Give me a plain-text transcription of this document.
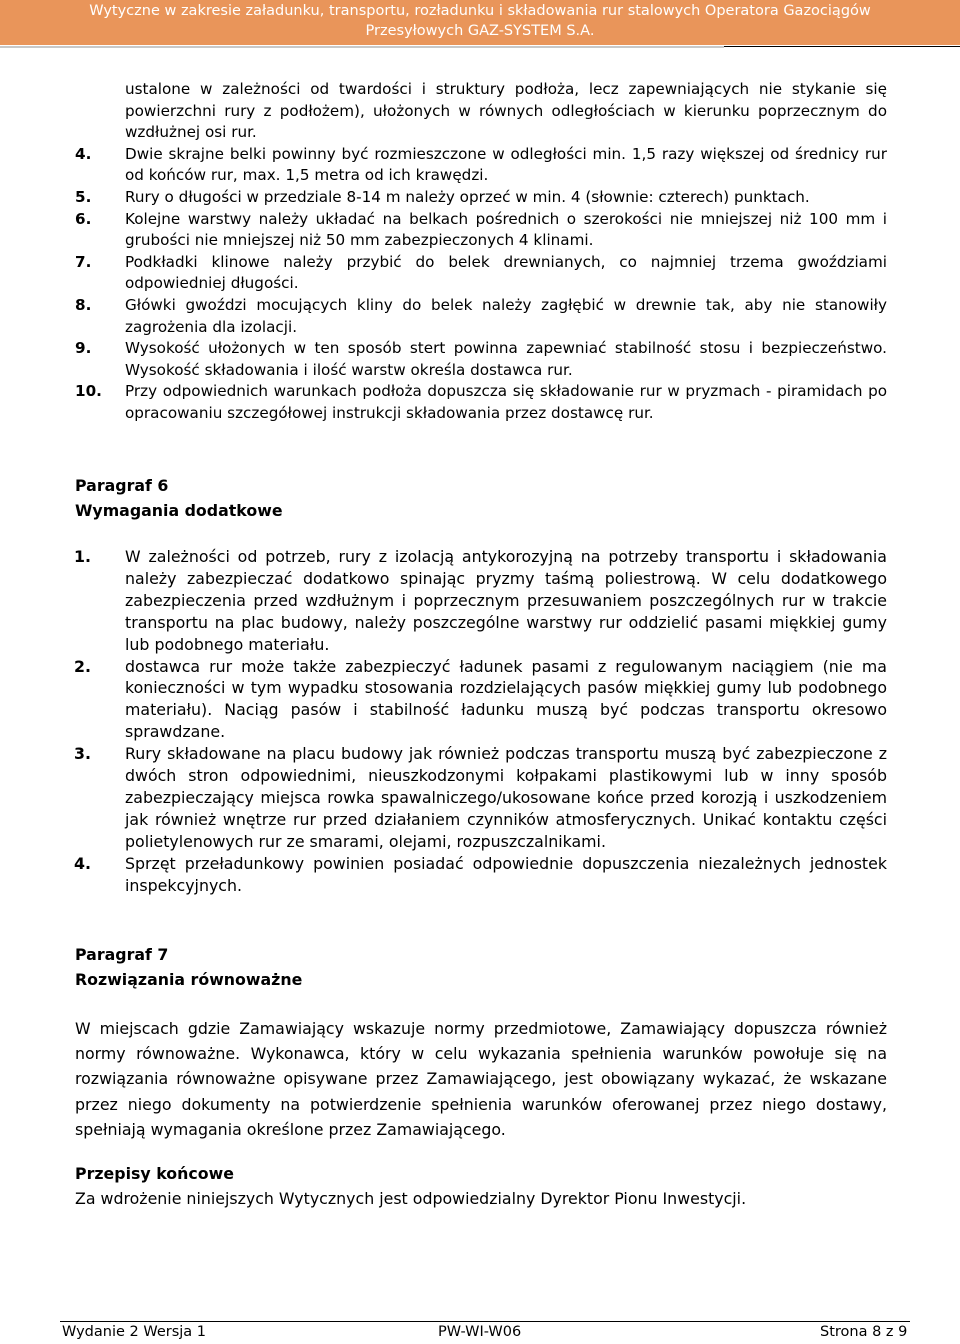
Wytyczne w zakresie załadunku, transportu, rozładunku i składowania rur stalowych Operatora Gazociągów
Przesyłowych GAZ-SYSTEM S.A.
ustalone w zależności od twardości i struktury podłoża, lecz zapewniających nie stykanie się powierzchni rury z podłożem), ułożonych w równych odległościach w kierunku poprzecznym do wzdłużnej osi rur.
4. Dwie skrajne belki powinny być rozmieszczone w odległości min. 1,5 razy większej od średnicy rur od końców rur, max. 1,5 metra od ich krawędzi.
5. Rury o długości w przedziale 8-14 m należy oprzeć w min. 4 (słownie: czterech) punktach.
6. Kolejne warstwy należy układać na belkach pośrednich o szerokości nie mniejszej niż 100 mm i grubości nie mniejszej niż 50 mm zabezpieczonych 4 klinami.
7. Podkładki klinowe należy przybić do belek drewnianych, co najmniej trzema gwoździami odpowiedniej długości.
8. Główki gwoździ mocujących kliny do belek należy zagłębić w drewnie tak, aby nie stanowiły zagrożenia dla izolacji.
9. Wysokość ułożonych w ten sposób stert powinna zapewniać stabilność stosu i bezpieczeństwo. Wysokość składowania i ilość warstw określa dostawca rur.
10. Przy odpowiednich warunkach podłoża dopuszcza się składowanie rur w pryzmach - piramidach po opracowaniu szczegółowej instrukcji składowania przez dostawcę rur.
Paragraf 6
Wymagania dodatkowe
1. W zależności od potrzeb, rury z izolacją antykorozyjną na potrzeby transportu i składowania należy zabezpieczać dodatkowo spinając pryzmy taśmą poliestrową. W celu dodatkowego zabezpieczenia przed wzdłużnym i poprzecznym przesuwaniem poszczególnych rur w trakcie transportu na plac budowy, należy poszczególne warstwy rur oddzielić pasami miękkiej gumy lub podobnego materiału.
2. dostawca rur może także zabezpieczyć ładunek pasami z regulowanym naciągiem (nie ma konieczności w tym wypadku stosowania rozdzielających pasów miękkiej gumy lub podobnego materiału). Naciąg pasów i stabilność ładunku muszą być podczas transportu okresowo sprawdzane.
3. Rury składowane na placu budowy jak również podczas transportu muszą być zabezpieczone z dwóch stron odpowiednimi, nieuszkodzonymi kołpakami plastikowymi lub w inny sposób zabezpieczający miejsca rowka spawalniczego/ukosowane końce przed korozją i uszkodzeniem jak również wnętrze rur przed działaniem czynników atmosferycznych. Unikać kontaktu części polietylenowych rur ze smarami, olejami, rozpuszczalnikami.
4. Sprzęt przeładunkowy powinien posiadać odpowiednie dopuszczenia niezależnych jednostek inspekcyjnych.
Paragraf 7
Rozwiązania równoważne
W miejscach gdzie Zamawiający wskazuje normy przedmiotowe, Zamawiający dopuszcza również normy równoważne. Wykonawca, który w celu wykazania spełnienia warunków powołuje się na rozwiązania równoważne opisywane przez Zamawiającego, jest obowiązany wykazać, że wskazane przez niego dokumenty na potwierdzenie spełnienia warunków oferowanej przez niego dostawy, spełniają wymagania określone przez Zamawiającego.
Przepisy końcowe
Za wdrożenie niniejszych Wytycznych jest odpowiedzialny Dyrektor Pionu Inwestycji.
Wydanie 2 Wersja 1	PW-WI-W06	Strona 8 z 9
